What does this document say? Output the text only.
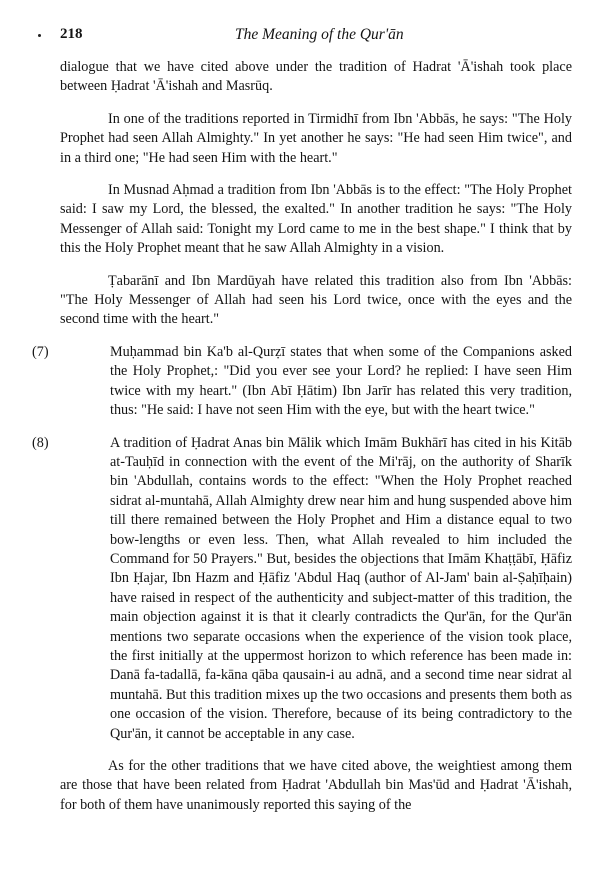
218	The Meaning of the Qur'ān

dialogue that we have cited above under the tradition of Hadrat 'Ā'ishah took place between Ḥadrat 'Ā'ishah and Masrūq.

In one of the traditions reported in Tirmidhī from Ibn 'Abbās, he says: "The Holy Prophet had seen Allah Almighty." In yet another he says: "He had seen Him twice", and in a third one; "He had seen Him with the heart."

In Musnad Aḥmad a tradition from Ibn 'Abbās is to the effect: "The Holy Prophet said: I saw my Lord, the blessed, the exalted." In another tradition he says: "The Holy Messenger of Allah said: Tonight my Lord came to me in the best shape." I think that by this the Holy Prophet meant that he saw Allah Almighty in a vision.

Ṭabarānī and Ibn Mardūyah have related this tradition also from Ibn 'Abbās: "The Holy Messenger of Allah had seen his Lord twice, once with the eyes and the second time with the heart."

(7)	Muḥammad bin Ka'b al-Qurẓī states that when some of the Companions asked the Holy Prophet,: "Did you ever see your Lord? he replied: I have seen Him twice with my heart." (Ibn Abī Ḥātim) Ibn Jarīr has related this very tradition, thus: "He said: I have not seen Him with the eye, but with the heart twice."
(8)	A tradition of Ḥadrat Anas bin Mālik which Imām Bukhārī has cited in his Kitāb at-Tauḥīd in connection with the event of the Mi'rāj, on the authority of Sharīk bin 'Abdullah, contains words to the effect: "When the Holy Prophet reached sidrat al-muntahā, Allah Almighty drew near him and hung suspended above him till there remained between the Holy Prophet and Him a distance equal to two bow-lengths or even less. Then, what Allah revealed to him included the Command for 50 Prayers." But, besides the objections that Imām Khaṭṭābī, Ḥāfiz Ibn Ḥajar, Ibn Hazm and Ḥāfiz 'Abdul Haq (author of Al-Jam' bain al-Ṣaḥīḥain) have raised in respect of the authenticity and subject-matter of this tradition, the main objection against it is that it clearly contradicts the Qur'ān, for the Qur'ān mentions two separate occasions when the experience of the vision took place, the first initially at the uppermost horizon to which reference has been made in: Danā fa-tadallā, fa-kāna qāba qausain-i au adnā, and a second time near sidrat al muntahā. But this tradition mixes up the two occasions and presents them both as one occasion of the vision. Therefore, because of its being contradictory to the Qur'ān, it cannot be acceptable in any case.

As for the other traditions that we have cited above, the weightiest among them are those that have been related from Ḥadrat 'Abdullah bin Mas'ūd and Ḥadrat 'Ā'ishah, for both of them have unanimously reported this saying of the
